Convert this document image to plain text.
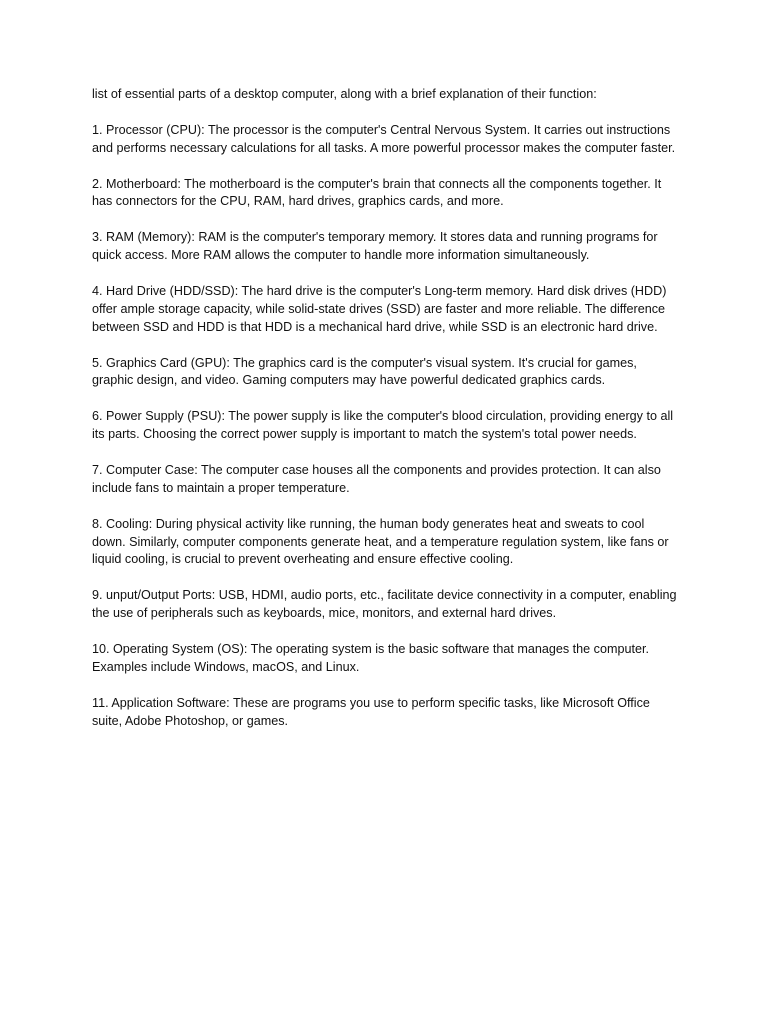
list of essential parts of a desktop computer, along with a brief explanation of their function:

1. Processor (CPU): The processor is the computer's Central Nervous System. It carries out instructions and performs necessary calculations for all tasks. A more powerful processor makes the computer faster.

2. Motherboard: The motherboard is the computer's brain that connects all the components together. It has connectors for the CPU, RAM, hard drives, graphics cards, and more.

3. RAM (Memory): RAM is the computer's temporary memory. It stores data and running programs for quick access. More RAM allows the computer to handle more information simultaneously.

4. Hard Drive (HDD/SSD): The hard drive is the computer's Long-term memory. Hard disk drives (HDD) offer ample storage capacity, while solid-state drives (SSD) are faster and more reliable. The difference between SSD and HDD is that HDD is a mechanical hard drive, while SSD is an electronic hard drive.

5. Graphics Card (GPU): The graphics card is the computer's visual system. It's crucial for games, graphic design, and video. Gaming computers may have powerful dedicated graphics cards.

6. Power Supply (PSU): The power supply is like the computer's blood circulation, providing energy to all its parts. Choosing the correct power supply is important to match the system's total power needs.

7. Computer Case: The computer case houses all the components and provides protection. It can also include fans to maintain a proper temperature.

8. Cooling: During physical activity like running, the human body generates heat and sweats to cool down. Similarly, computer components generate heat, and a temperature regulation system, like fans or liquid cooling, is crucial to prevent overheating and ensure effective cooling.

9. unput/Output Ports: USB, HDMI, audio ports, etc., facilitate device connectivity in a computer, enabling the use of peripherals such as keyboards, mice, monitors, and external hard drives.

10. Operating System (OS): The operating system is the basic software that manages the computer. Examples include Windows, macOS, and Linux.

11. Application Software: These are programs you use to perform specific tasks, like Microsoft Office suite, Adobe Photoshop, or games.
